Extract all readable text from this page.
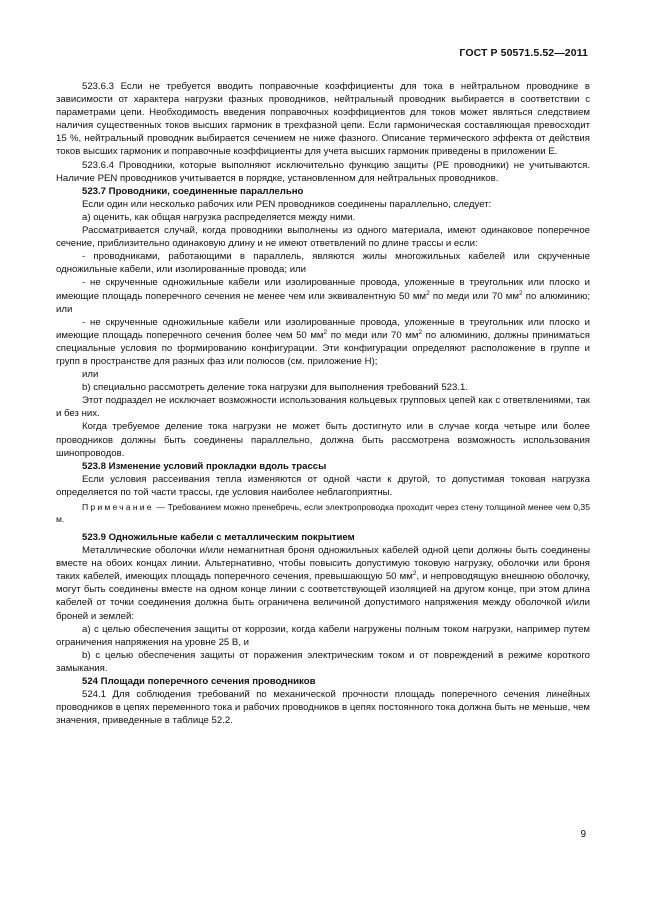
ГОСТ Р 50571.5.52—2011

523.6.3 Если не требуется вводить поправочные коэффициенты для тока в нейтральном проводнике в зависимости от характера нагрузки фазных проводников, нейтральный проводник выбирается в соответствии с параметрами цепи. Необходимость введения поправочных коэффициентов для токов может являться следствием наличия существенных токов высших гармоник в трехфазной цепи. Если гармоническая составляющая превосходит 15 %, нейтральный проводник выбирается сечением не ниже фазного. Описание термического эффекта от действия токов высших гармоник и поправочные коэффициенты для учета высших гармоник приведены в приложении Е.

523.6.4 Проводники, которые выполняют исключительно функцию защиты (РЕ проводники) не учитываются. Наличие PEN проводников учитывается в порядке, установленном для нейтральных проводников.

523.7 Проводники, соединенные параллельно

Если один или несколько рабочих или PEN проводников соединены параллельно, следует:

а) оценить, как общая нагрузка распределяется между ними.

Рассматривается случай, когда проводники выполнены из одного материала, имеют одинаковое поперечное сечение, приблизительно одинаковую длину и не имеют ответвлений по длине трассы и если:

- проводниками, работающими в параллель, являются жилы многожильных кабелей или скрученные одножильные кабели, или изолированные провода; или

- не скрученные одножильные кабели или изолированные провода, уложенные в треугольник или плоско и имеющие площадь поперечного сечения не менее чем или эквивалентную 50 $мм^2$ по меди или 70 $мм^2$ по алюминию; или

- не скрученные одножильные кабели или изолированные провода, уложенные в треугольник или плоско и имеющие площадь поперечного сечения более чем 50 $мм^2$ по меди или 70 $мм^2$ по алюминию, должны приниматься специальные условия по формированию конфигурации. Эти конфигурации определяют расположение в группе и групп в пространстве для разных фаз или полюсов (см. приложение Н);

или

b) специально рассмотреть деление тока нагрузки для выполнения требований 523.1.

Этот подраздел не исключает возможности использования кольцевых групповых цепей как с ответвлениями, так и без них.

Когда требуемое деление тока нагрузки не может быть достигнуто или в случае когда четыре или более проводников должны быть соединены параллельно, должна быть рассмотрена возможность использования шинопроводов.

523.8 Изменение условий прокладки вдоль трассы

Если условия рассеивания тепла изменяются от одной части к другой, то допустимая токовая нагрузка определяется по той части трассы, где условия наиболее неблагоприятны.

Примечание — Требованием можно пренебречь, если электропроводка проходит через стену толщиной менее чем 0,35 м.

523.9 Одножильные кабели с металлическим покрытием

Металлические оболочки и/или немагнитная броня одножильных кабелей одной цепи должны быть соединены вместе на обоих концах линии. Альтернативно, чтобы повысить допустимую токовую нагрузку, оболочки или броня таких кабелей, имеющих площадь поперечного сечения, превышающую 50 $мм^2$, и непроводящую внешнюю оболочку, могут быть соединены вместе на одном конце линии с соответствующей изоляцией на другом конце, при этом длина кабелей от точки соединения должна быть ограничена величиной допустимого напряжения между оболочкой и/или броней и землей:

а) с целью обеспечения защиты от коррозии, когда кабели нагружены полным током нагрузки, например путем ограничения напряжения на уровне 25 В, и

b) с целью обеспечения защиты от поражения электрическим током и от повреждений в режиме короткого замыкания.

524 Площади поперечного сечения проводников

524.1 Для соблюдения требований по механической прочности площадь поперечного сечения линейных проводников в цепях переменного тока и рабочих проводников в цепях постоянного тока должна быть не меньше, чем значения, приведенные в таблице 52.2.

9
